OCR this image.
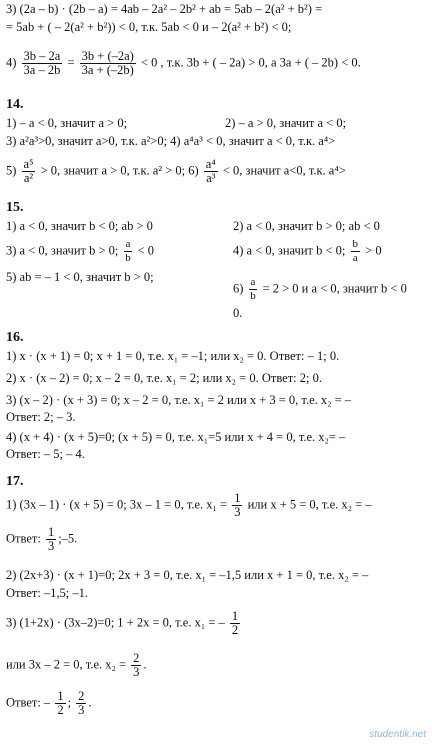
3) (2a – b) · (2b – a) = 4ab – 2a² – 2b² + ab = 5ab – 2(a² + b²) =
= 5ab + ( – 2(a² + b²)) < 0, т.к. 5ab < 0 и – 2(a² + b²) < 0;
$4) \frac{3b - 2a}{3a - 2b} = \frac{3b + (-2a)}{3a + (-2b)} < 0$ , т.к. 3b + ( – 2a) > 0, а 3a + ( – 2b) < 0.
14.
1) – a < 0, значит a > 0;	2) – a > 0, значит a < 0;
3) a²a³>0, значит a>0, т.к. a²>0; 4) a⁴a³ < 0, значит a < 0, т.к. a⁴>
$5) \frac{\text{a⁵}}{\text{a²}} > 0$, значит a > 0, т.к. a² > 0; $6) \frac{\text{a⁴}}{\text{a³}} < 0$, значит a<0, т.к. a⁴>
15.
1) a < 0, значит b < 0; ab > 0	2) a < 0, значит b > 0; ab < 0
3) a < 0, значит b > 0; $\frac{a}{b} < 0$	4) a < 0, значит b < 0; $\frac{b}{a} > 0$
5) ab = – 1 < 0, значит b > 0;
$6) \frac{a}{b} = 2 > 0$ и a < 0, значит b < 0
0.
16.
1) x · (x + 1) = 0; x + 1 = 0, т.е. x₁ = –1; или x₂ = 0. Ответ: – 1; 0.
2) x · (x – 2) = 0; x – 2 = 0, т.е. x₁ = 2; или x₂ = 0. Ответ: 2; 0.
3) (x – 2) · (x + 3) = 0; x – 2 = 0, т.е. x₁ = 2 или x + 3 = 0, т.е. x₂ = –
Ответ: 2; – 3.
4) (x + 4) · (x + 5)=0; (x + 5) = 0, т.е. x₁=5 или x + 4 = 0, т.е. x₂= –
Ответ: – 5; – 4.
17.
1) (3x – 1) · (x + 5) = 0; 3x – 1 = 0, т.е. $x_1 = \frac{1}{3}$ или x + 5 = 0, т.е. x₂ = –
Ответ: $\frac{1}{3}$ ;–5.
2) (2x+3) · (x + 1)=0; 2x + 3 = 0, т.е. x₁ = –1,5 или x + 1 = 0, т.е. x₂ = –
Ответ: –1,5; –1.
3) (1+2x) · (3x–2)=0; 1 + 2x = 0, т.е. x₁ = – $\frac{1}{2}$
или 3x – 2 = 0, т.е. $x_2 = \frac{2}{3}$ .
Ответ: – $\frac{1}{2}$ ; $\frac{2}{3}$ .
studentik.net
